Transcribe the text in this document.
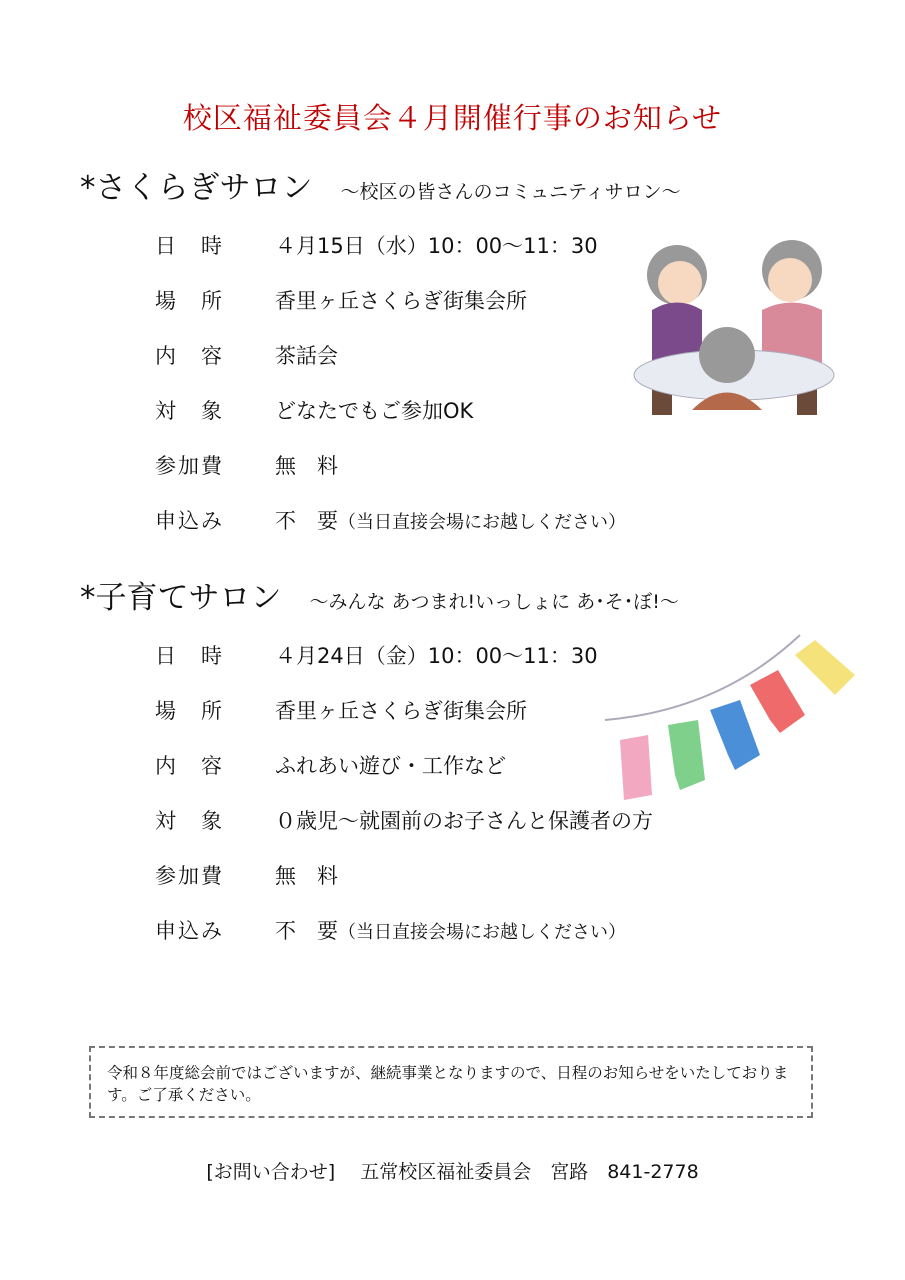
校区福祉委員会４月開催行事のお知らせ
*さくらぎサロン ～校区の皆さんのコミュニティサロン～
日　時 ４月15日（水）10：00～11：30
場　所 香里ヶ丘さくらぎ街集会所
内　容 茶話会
対　象 どなたでもご参加OK
参加費 無　料
申込み 不　要（当日直接会場にお越しください）
*子育てサロン ～みんな あつまれ!いっしょに あ･そ･ぼ!～
日　時 ４月24日（金）10：00～11：30
場　所 香里ヶ丘さくらぎ街集会所
内　容 ふれあい遊び・工作など
対　象 ０歳児～就園前のお子さんと保護者の方
参加費 無　料
申込み 不　要（当日直接会場にお越しください）
令和８年度総会前ではございますが、継続事業となりますので、日程のお知らせをいたしております。ご了承ください。
[お問い合わせ]　 五常校区福祉委員会　宮路　841-2778
